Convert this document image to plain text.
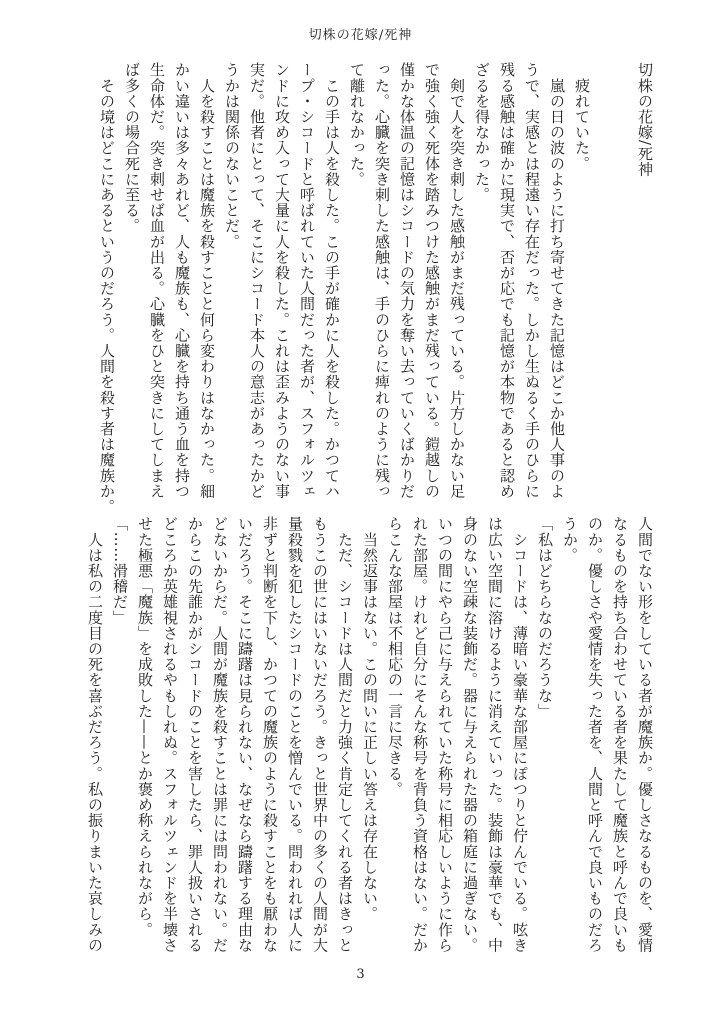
切株の花嫁/死神
切株の花嫁/死神
　疲れていた。
　嵐の日の波のように打ち寄せてきた記憶はどこか他人事のよ
うで、実感とは程遠い存在だった。しかし生ぬるく手のひらに
残る感触は確かに現実で、否が応でも記憶が本物であると認め
ざるを得なかった。
　剣で人を突き刺した感触がまだ残っている。片方しかない足
で強く強く死体を踏みつけた感触がまだ残っている。鎧越しの
僅かな体温の記憶はシコードの気力を奪い去っていくばかりだ
った。心臓を突き刺した感触は、手のひらに痺れのように残っ
て離れなかった。
　この手は人を殺した。この手が確かに人を殺した。かつてハ
ープ・シコードと呼ばれていた人間だった者が、スフォルツェ
ンドに攻め入って大量に人を殺した。これは歪みようのない事
実だ。他者にとって、そこにシコード本人の意志があったかど
うかは関係のないことだ。
　人を殺すことは魔族を殺すことと何ら変わりはなかった。細
かい違いは多々あれど、人も魔族も、心臓を持ち通う血を持つ
生命体だ。突き刺せば血が出る。心臓をひと突きにしてしまえ
ば多くの場合死に至る。
　その境はどこにあるというのだろう。人間を殺す者は魔族か。
人間でない形をしている者が魔族か。優しさなるものを、愛情
なるものを持ち合わせている者を果たして魔族と呼んで良いも
のか。優しさや愛情を失った者を、人間と呼んで良いものだろ
うか。
「私はどちらなのだろうな」
　シコードは、薄暗い豪華な部屋にぽつりと佇んでいる。呟き
は広い空間に溶けるように消えていった。装飾は豪華でも、中
身のない空疎な装飾だ。器に与えられた器の箱庭に過ぎない。
いつの間にやら己に与えられていた称号に相応しいように作ら
れた部屋。けれど自分にそんな称号を背負う資格はない。だか
らこんな部屋は不相応の一言に尽きる。
　当然返事はない。この問いに正しい答えは存在しない。
　ただ、シコードは人間だと力強く肯定してくれる者はきっと
もうこの世にはいないだろう。きっと世界中の多くの人間が大
量殺戮を犯したシコードのことを憎んでいる。問われれば人に
非ずと判断を下し、かつての魔族のように殺すことをも厭わな
いだろう。そこに躊躇は見られない、なぜなら躊躇する理由な
どないからだ。人間が魔族を殺すことは罪には問われない。だ
からこの先誰かがシコードのことを害したら、罪人扱いされる
どころか英雄視されるやもしれぬ。スフォルツェンドを半壊さ
せた極悪「魔族」を成敗した——とか褒め称えられながら。
「……滑稽だ」
　人は私の二度目の死を喜ぶだろう。私の振りまいた哀しみの
3
